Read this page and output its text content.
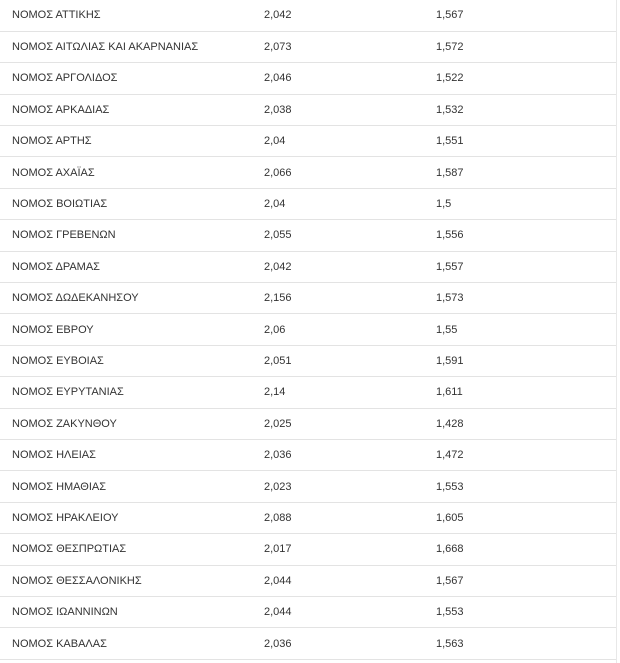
ΝΟΜΟΣ ΑΤΤΙΚΗΣ	2,042	1,567
ΝΟΜΟΣ ΑΙΤΩΛΙΑΣ ΚΑΙ ΑΚΑΡΝΑΝΙΑΣ	2,073	1,572
ΝΟΜΟΣ ΑΡΓΟΛΙΔΟΣ	2,046	1,522
ΝΟΜΟΣ ΑΡΚΑΔΙΑΣ	2,038	1,532
ΝΟΜΟΣ ΑΡΤΗΣ	2,04	1,551
ΝΟΜΟΣ ΑΧΑΪΑΣ	2,066	1,587
ΝΟΜΟΣ ΒΟΙΩΤΙΑΣ	2,04	1,5
ΝΟΜΟΣ ΓΡΕΒΕΝΩΝ	2,055	1,556
ΝΟΜΟΣ ΔΡΑΜΑΣ	2,042	1,557
ΝΟΜΟΣ ΔΩΔΕΚΑΝΗΣΟΥ	2,156	1,573
ΝΟΜΟΣ ΕΒΡΟΥ	2,06	1,55
ΝΟΜΟΣ ΕΥΒΟΙΑΣ	2,051	1,591
ΝΟΜΟΣ ΕΥΡΥΤΑΝΙΑΣ	2,14	1,611
ΝΟΜΟΣ ΖΑΚΥΝΘΟΥ	2,025	1,428
ΝΟΜΟΣ ΗΛΕΙΑΣ	2,036	1,472
ΝΟΜΟΣ ΗΜΑΘΙΑΣ	2,023	1,553
ΝΟΜΟΣ ΗΡΑΚΛΕΙΟΥ	2,088	1,605
ΝΟΜΟΣ ΘΕΣΠΡΩΤΙΑΣ	2,017	1,668
ΝΟΜΟΣ ΘΕΣΣΑΛΟΝΙΚΗΣ	2,044	1,567
ΝΟΜΟΣ ΙΩΑΝΝΙΝΩΝ	2,044	1,553
ΝΟΜΟΣ ΚΑΒΑΛΑΣ	2,036	1,563
